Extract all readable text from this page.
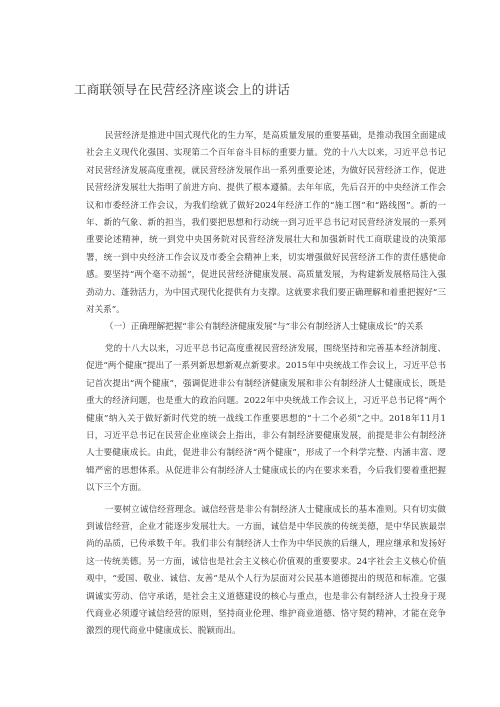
工商联领导在民营经济座谈会上的讲话

民营经济是推进中国式现代化的生力军，是高质量发展的重要基础，是推动我国全面建成社会主义现代化强国、实现第二个百年奋斗目标的重要力量。党的十八大以来，习近平总书记对民营经济发展高度重视，就民营经济发展作出一系列重要论述，为做好民营经济工作，促进民营经济发展壮大指明了前进方向、提供了根本遵循。去年年底，先后召开的中央经济工作会议和市委经济工作会议，为我们绘就了做好2024年经济工作的“施工图”和“路线图”。新的一年、新的气象、新的担当，我们要把思想和行动统一到习近平总书记对民营经济发展的一系列重要论述精神，统一到党中央国务院对民营经济发展壮大和加强新时代工商联建设的决策部署，统一到中央经济工作会议及市委全会精神上来，切实增强做好民营经济工作的责任感使命感。要坚持“两个毫不动摇”，促进民营经济健康发展、高质量发展，为构建新发展格局注入强劲动力、蓬勃活力，为中国式现代化提供有力支撑。这就要求我们要正确理解和着重把握好“三对关系”。

（一）正确理解把握“非公有制经济健康发展”与“非公有制经济人士健康成长”的关系

党的十八大以来，习近平总书记高度重视民营经济发展，围绕坚持和完善基本经济制度、促进“两个健康”提出了一系列新思想新观点新要求。2015年中央统战工作会议上，习近平总书记首次提出“两个健康”，强调促进非公有制经济健康发展和非公有制经济人士健康成长，既是重大的经济问题，也是重大的政治问题。2022年中央统战工作会议上，习近平总书记将“两个健康”纳入关于做好新时代党的统一战线工作重要思想的“十二个必须”之中。2018年11月1日，习近平总书记在民营企业座谈会上指出，非公有制经济要健康发展，前提是非公有制经济人士要健康成长。由此，促进非公有制经济“两个健康”，形成了一个科学完整、内涵丰富、逻辑严密的思想体系。从促进非公有制经济人士健康成长的内在要求来看，今后我们要着重把握以下三个方面。

一要树立诚信经营理念。诚信经营是非公有制经济人士健康成长的基本准则。只有切实做到诚信经营，企业才能逐步发展壮大。一方面，诚信是中华民族的传统美德，是中华民族最崇尚的品质，已传承数千年。我们非公有制经济人士作为中华民族的后继人，理应继承和发扬好这一传统美德。另一方面，诚信也是社会主义核心价值观的重要要求。24字社会主义核心价值观中，“爱国、敬业、诚信、友善”是从个人行为层面对公民基本道德提出的规范和标准。它强调诚实劳动、信守承诺，是社会主义道德建设的核心与重点，也是非公有制经济人士投身于现代商业必须遵守诚信经营的原则，坚持商业伦理、维护商业道德、恪守契约精神，才能在竞争激烈的现代商业中健康成长、脱颖而出。
